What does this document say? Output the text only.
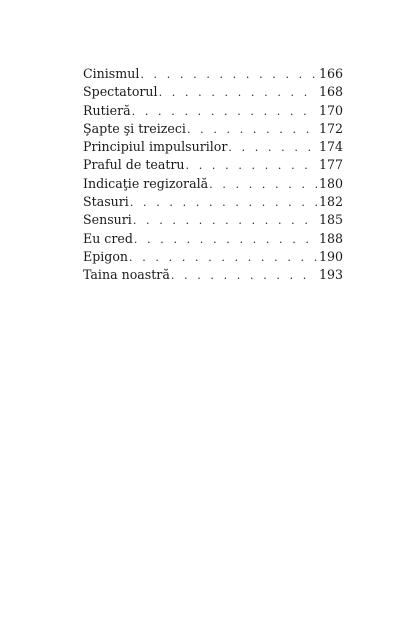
Cinismul . . .	166
Spectatorul . . .	168
Rutieră . . .	170
Şapte şi treizeci . . .	172
Principiul impulsurilor . . .	174
Praful de teatru . . .	177
Indicaţie regizorală . . .	180
Stasuri . . .	182
Sensuri . . .	185
Eu cred . . .	188
Epigon . . .	190
Taina noastră . . .	193
